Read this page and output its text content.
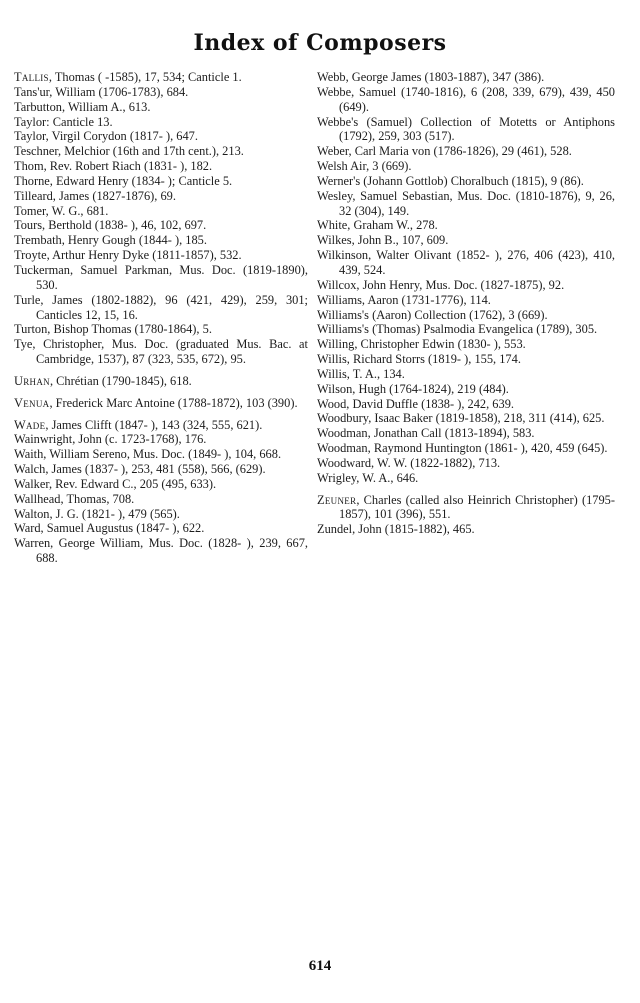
Index of Composers
Tallis, Thomas ( -1585), 17, 534; Canticle 1.
Tans'ur, William (1706-1783), 684.
Tarbutton, William A., 613.
Taylor: Canticle 13.
Taylor, Virgil Corydon (1817- ), 647.
Teschner, Melchior (16th and 17th cent.), 213.
Thom, Rev. Robert Riach (1831- ), 182.
Thorne, Edward Henry (1834- ); Canticle 5.
Tilleard, James (1827-1876), 69.
Tomer, W. G., 681.
Tours, Berthold (1838- ), 46, 102, 697.
Trembath, Henry Gough (1844- ), 185.
Troyte, Arthur Henry Dyke (1811-1857), 532.
Tuckerman, Samuel Parkman, Mus. Doc. (1819-1890), 530.
Turle, James (1802-1882), 96 (421, 429), 259, 301; Canticles 12, 15, 16.
Turton, Bishop Thomas (1780-1864), 5.
Tye, Christopher, Mus. Doc. (graduated Mus. Bac. at Cambridge, 1537), 87 (323, 535, 672), 95.
Urhan, Chrétian (1790-1845), 618.
Venua, Frederick Marc Antoine (1788-1872), 103 (390).
Wade, James Clifft (1847- ), 143 (324, 555, 621).
Wainwright, John (c. 1723-1768), 176.
Waith, William Sereno, Mus. Doc. (1849- ), 104, 668.
Walch, James (1837- ), 253, 481 (558), 566, (629).
Walker, Rev. Edward C., 205 (495, 633).
Wallhead, Thomas, 708.
Walton, J. G. (1821- ), 479 (565).
Ward, Samuel Augustus (1847- ), 622.
Warren, George William, Mus. Doc. (1828- ), 239, 667, 688.
Webb, George James (1803-1887), 347 (386).
Webbe, Samuel (1740-1816), 6 (208, 339, 679), 439, 450 (649).
Webbe's (Samuel) Collection of Motetts or Antiphons (1792), 259, 303 (517).
Weber, Carl Maria von (1786-1826), 29 (461), 528.
Welsh Air, 3 (669).
Werner's (Johann Gottlob) Choralbuch (1815), 9 (86).
Wesley, Samuel Sebastian, Mus. Doc. (1810-1876), 9, 26, 32 (304), 149.
White, Graham W., 278.
Wilkes, John B., 107, 609.
Wilkinson, Walter Olivant (1852- ), 276, 406 (423), 410, 439, 524.
Willcox, John Henry, Mus. Doc. (1827-1875), 92.
Williams, Aaron (1731-1776), 114.
Williams's (Aaron) Collection (1762), 3 (669).
Williams's (Thomas) Psalmodia Evangelica (1789), 305.
Willing, Christopher Edwin (1830- ), 553.
Willis, Richard Storrs (1819- ), 155, 174.
Willis, T. A., 134.
Wilson, Hugh (1764-1824), 219 (484).
Wood, David Duffle (1838- ), 242, 639.
Woodbury, Isaac Baker (1819-1858), 218, 311 (414), 625.
Woodman, Jonathan Call (1813-1894), 583.
Woodman, Raymond Huntington (1861- ), 420, 459 (645).
Woodward, W. W. (1822-1882), 713.
Wrigley, W. A., 646.
Zeuner, Charles (called also Heinrich Christopher) (1795-1857), 101 (396), 551.
Zundel, John (1815-1882), 465.
614
